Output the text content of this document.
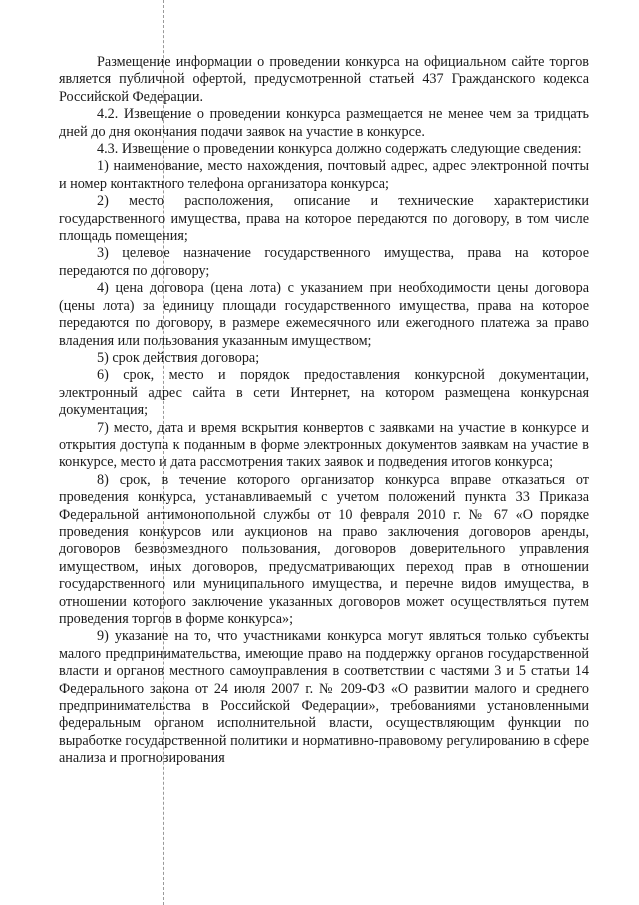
Размещение информации о проведении конкурса на официальном сайте торгов является публичной офертой, предусмотренной статьей 437 Гражданского кодекса Российской Федерации.

4.2. Извещение о проведении конкурса размещается не менее чем за тридцать дней до дня окончания подачи заявок на участие в конкурсе.

4.3. Извещение о проведении конкурса должно содержать следующие сведения:

1) наименование, место нахождения, почтовый адрес, адрес электронной почты и номер контактного телефона организатора конкурса;

2) место расположения, описание и технические характеристики государственного имущества, права на которое передаются по договору, в том числе площадь помещения;

3) целевое назначение государственного имущества, права на которое передаются по договору;

4) цена договора (цена лота) с указанием при необходимости цены договора (цены лота) за единицу площади государственного имущества, права на которое передаются по договору, в размере ежемесячного или ежегодного платежа за право владения или пользования указанным имуществом;

5) срок действия договора;

6) срок, место и порядок предоставления конкурсной документации, электронный адрес сайта в сети Интернет, на котором размещена конкурсная документация;

7) место, дата и время вскрытия конвертов с заявками на участие в конкурсе и открытия доступа к поданным в форме электронных документов заявкам на участие в конкурсе, место и дата рассмотрения таких заявок и подведения итогов конкурса;

8) срок, в течение которого организатор конкурса вправе отказаться от проведения конкурса, устанавливаемый с учетом положений пункта 33 Приказа Федеральной антимонопольной службы от 10 февраля 2010 г. № 67 «О порядке проведения конкурсов или аукционов на право заключения договоров аренды, договоров безвозмездного пользования, договоров доверительного управления имуществом, иных договоров, предусматривающих переход прав в отношении государственного или муниципального имущества, и перечне видов имущества, в отношении которого заключение указанных договоров может осуществляться путем проведения торгов в форме конкурса»;

9) указание на то, что участниками конкурса могут являться только субъекты малого предпринимательства, имеющие право на поддержку органов государственной власти и органов местного самоуправления в соответствии с частями 3 и 5 статьи 14 Федерального закона от 24 июля 2007 г. № 209-ФЗ «О развитии малого и среднего предпринимательства в Российской Федерации», требованиями установленными федеральным органом исполнительной власти, осуществляющим функции по выработке государственной политики и нормативно-правовому регулированию в сфере анализа и прогнозирования
